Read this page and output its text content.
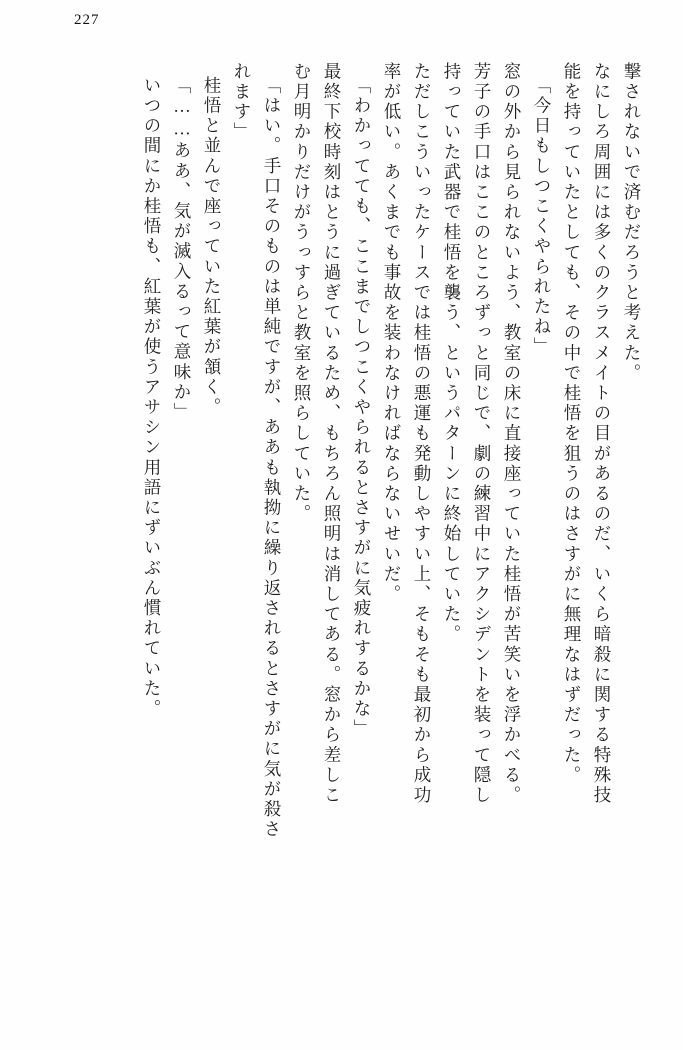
227
撃されないで済むだろうと考えた。
なにしろ周囲には多くのクラスメイトの目があるのだ、いくら暗殺に関する特殊技
能を持っていたとしても、その中で桂悟を狙うのはさすがに無理なはずだった。
「今日もしつこくやられたね」
窓の外から見られないよう、教室の床に直接座っていた桂悟が苦笑いを浮かべる。
芳子の手口はここのところずっと同じで、劇の練習中にアクシデントを装って隠し
持っていた武器で桂悟を襲う、というパターンに終始していた。
ただしこういったケースでは桂悟の悪運も発動しやすい上、そもそも最初から成功
率が低い。あくまでも事故を装わなければならないせいだ。
「わかってても、ここまでしつこくやられるとさすがに気疲れするかな」
最終下校時刻はとうに過ぎているため、もちろん照明は消してある。窓から差しこ
む月明かりだけがうっすらと教室を照らしていた。
「はい。手口そのものは単純ですが、ああも執拗に繰り返されるとさすがに気が殺さ
れます」
桂悟と並んで座っていた紅葉が頷く。
「……ああ、気が滅入るって意味か」
いつの間にか桂悟も、紅葉が使うアサシン用語にずいぶん慣れていた。
